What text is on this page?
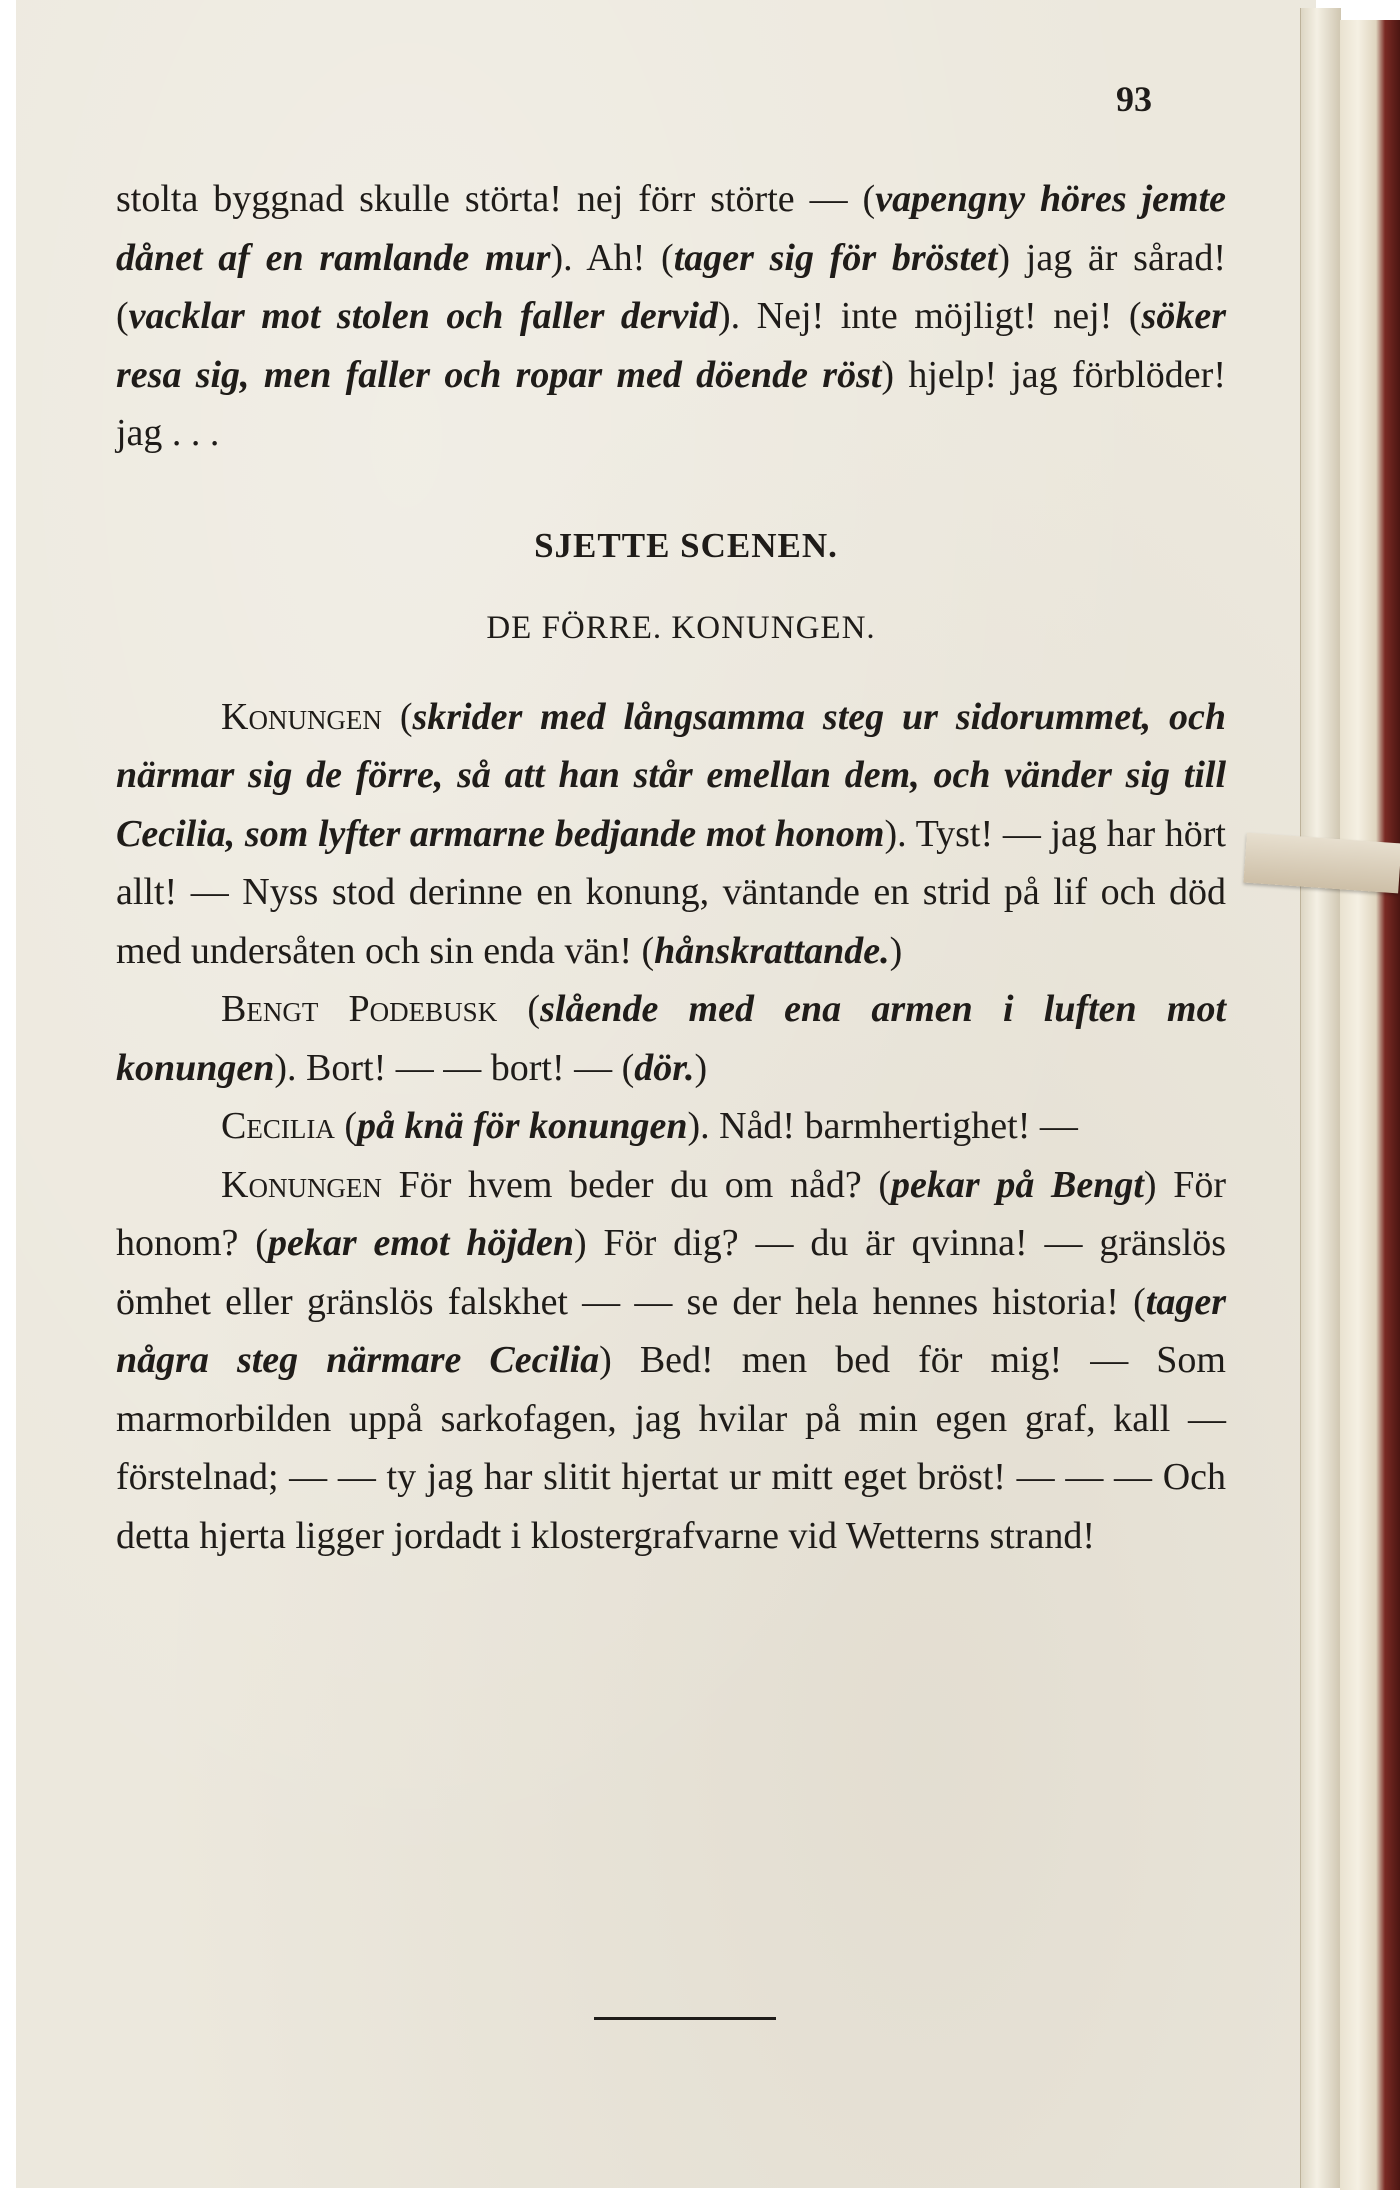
93

stolta byggnad skulle störta! nej förr störte — (vapengny höres jemte dånet af en ramlande mur). Ah! (tager sig för bröstet) jag är sårad! (vacklar mot stolen och faller dervid). Nej! inte möjligt! nej! (söker resa sig, men faller och ropar med döende röst) hjelp! jag förblöder! jag . . .

SJETTE SCENEN.

DE FÖRRE. KONUNGEN.

Konungen (skrider med långsamma steg ur sidorummet, och närmar sig de förre, så att han står emellan dem, och vänder sig till Cecilia, som lyfter armarne bedjande mot honom). Tyst! — jag har hört allt! — Nyss stod derinne en konung, väntande en strid på lif och död med undersåten och sin enda vän! (hånskrattande.)

Bengt Podebusk (slående med ena armen i luften mot konungen). Bort! — — bort! — (dör.)

Cecilia (på knä för konungen). Nåd! barmhertighet! —

Konungen För hvem beder du om nåd? (pekar på Bengt) För honom? (pekar emot höjden) För dig? — du är qvinna! — gränslös ömhet eller gränslös falskhet — — se der hela hennes historia! (tager några steg närmare Cecilia) Bed! men bed för mig! — Som marmorbilden uppå sarkofagen, jag hvilar på min egen graf, kall — förstelnad; — — ty jag har slitit hjertat ur mitt eget bröst! — — — Och detta hjerta ligger jordadt i klostergrafvarne vid Wetterns strand!
